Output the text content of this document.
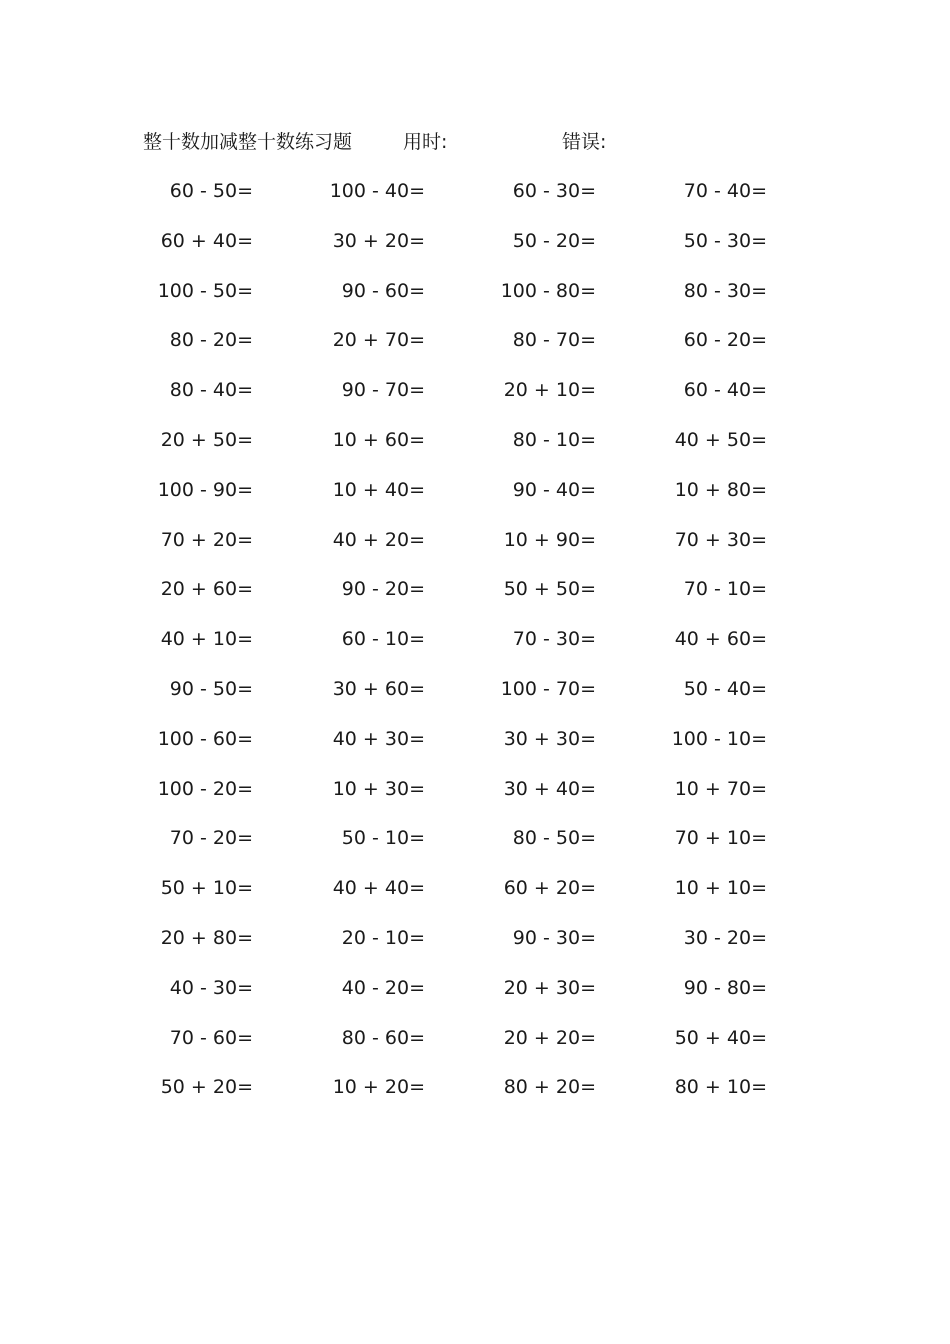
整十数加减整十数练习题	用时:	错误:
60 - 50=	100 - 40=	60 - 30=	70 - 40=
60 + 40=	30 + 20=	50 - 20=	50 - 30=
100 - 50=	90 - 60=	100 - 80=	80 - 30=
80 - 20=	20 + 70=	80 - 70=	60 - 20=
80 - 40=	90 - 70=	20 + 10=	60 - 40=
20 + 50=	10 + 60=	80 - 10=	40 + 50=
100 - 90=	10 + 40=	90 - 40=	10 + 80=
70 + 20=	40 + 20=	10 + 90=	70 + 30=
20 + 60=	90 - 20=	50 + 50=	70 - 10=
40 + 10=	60 - 10=	70 - 30=	40 + 60=
90 - 50=	30 + 60=	100 - 70=	50 - 40=
100 - 60=	40 + 30=	30 + 30=	100 - 10=
100 - 20=	10 + 30=	30 + 40=	10 + 70=
70 - 20=	50 - 10=	80 - 50=	70 + 10=
50 + 10=	40 + 40=	60 + 20=	10 + 10=
20 + 80=	20 - 10=	90 - 30=	30 - 20=
40 - 30=	40 - 20=	20 + 30=	90 - 80=
70 - 60=	80 - 60=	20 + 20=	50 + 40=
50 + 20=	10 + 20=	80 + 20=	80 + 10=
